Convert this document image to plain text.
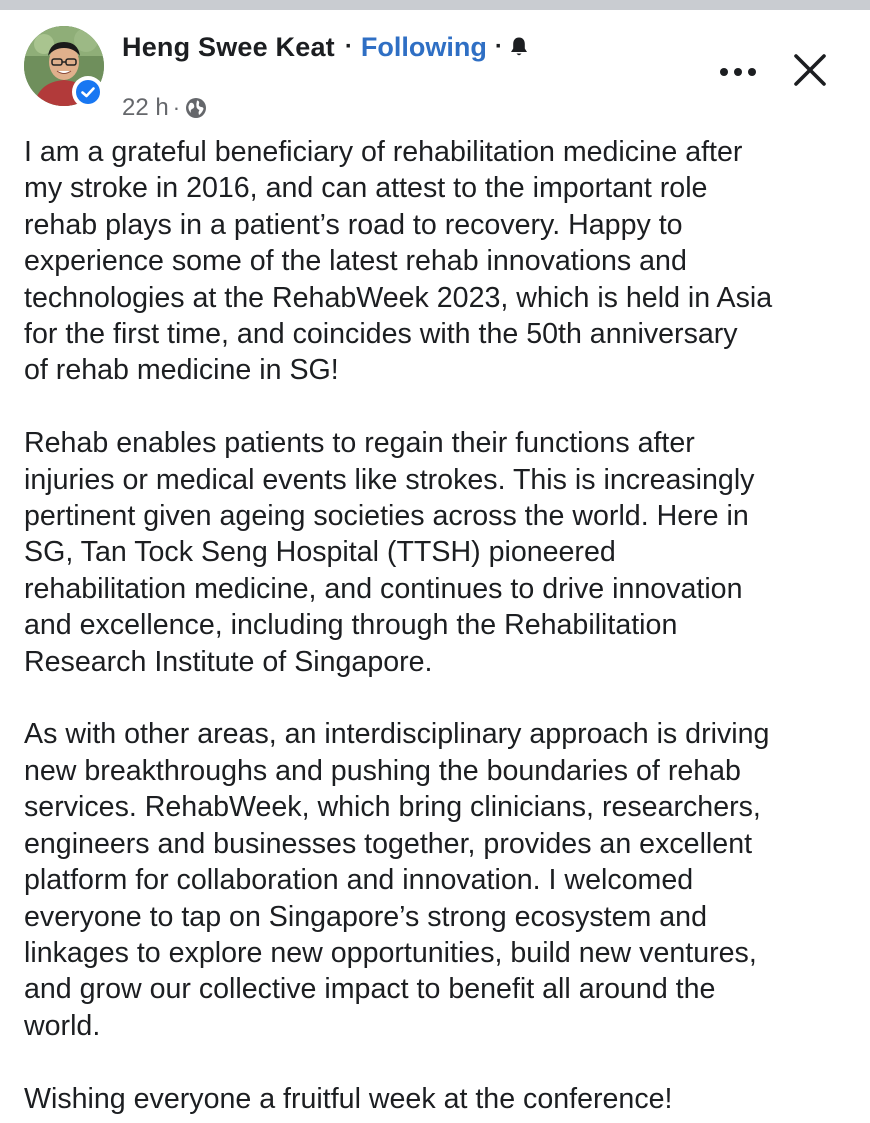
Heng Swee Keat · Following ·
22 h ·

I am a grateful beneficiary of rehabilitation medicine after
my stroke in 2016, and can attest to the important role
rehab plays in a patient’s road to recovery. Happy to
experience some of the latest rehab innovations and
technologies at the RehabWeek 2023, which is held in Asia
for the first time, and coincides with the 50th anniversary
of rehab medicine in SG!

Rehab enables patients to regain their functions after
injuries or medical events like strokes. This is increasingly
pertinent given ageing societies across the world. Here in
SG, Tan Tock Seng Hospital (TTSH) pioneered
rehabilitation medicine, and continues to drive innovation
and excellence, including through the Rehabilitation
Research Institute of Singapore.

As with other areas, an interdisciplinary approach is driving
new breakthroughs and pushing the boundaries of rehab
services. RehabWeek, which bring clinicians, researchers,
engineers and businesses together, provides an excellent
platform for collaboration and innovation. I welcomed
everyone to tap on Singapore’s strong ecosystem and
linkages to explore new opportunities, build new ventures,
and grow our collective impact to benefit all around the
world.

Wishing everyone a fruitful week at the conference!
